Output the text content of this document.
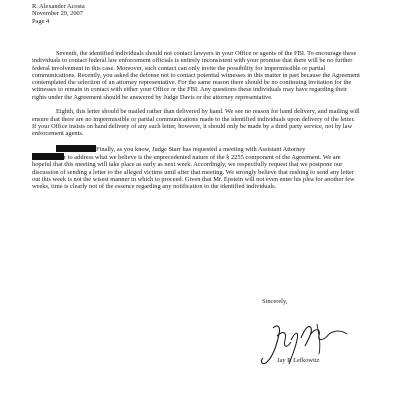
R. Alexander Acosta
November 29, 2007
Page 4

Seventh, the identified individuals should not contact lawyers in your Office or agents of the FBI. To encourage these individuals to contact federal law enforcement officials is entirely inconsistent with your promise that there will be no further federal involvement in this case. Moreover, such contact can only invite the possibility for impermissible or partial communications. Recently, you asked the defense not to contact potential witnesses in this matter in part because the Agreement contemplated the selection of an attorney representative. For the same reason there should be no continuing invitation for the witnesses to remain in contact with either your Office or the FBI. Any questions these individuals may have regarding their rights under the Agreement should be answered by Judge Davis or the attorney representative.

Eighth, this letter should be mailed rather than delivered by hand. We see no reason for hand delivery, and mailing will ensure that there are no impermissible or partial communications made to the identified individuals upon delivery of the letter. If your Office insists on hand delivery of any such letter, however, it should only be made by a third party service, not by law enforcement agents.

Finally, as you know, Judge Starr has requested a meeting with Assistant Attorney
r to address what we believe is the unprecedented nature of the § 2255 component of the Agreement. We are hopeful that this meeting will take place as early as next week. Accordingly, we respectfully request that we postpone our discussion of sending a letter to the alleged victims until after that meeting. We strongly believe that rushing to send any letter out this week is not the wisest manner in which to proceed. Given that Mr. Epstein will not even enter his plea for another few weeks, time is clearly not of the essence regarding any notification to the identified individuals.

Sincerely,
Jay P. Lefkowitz
